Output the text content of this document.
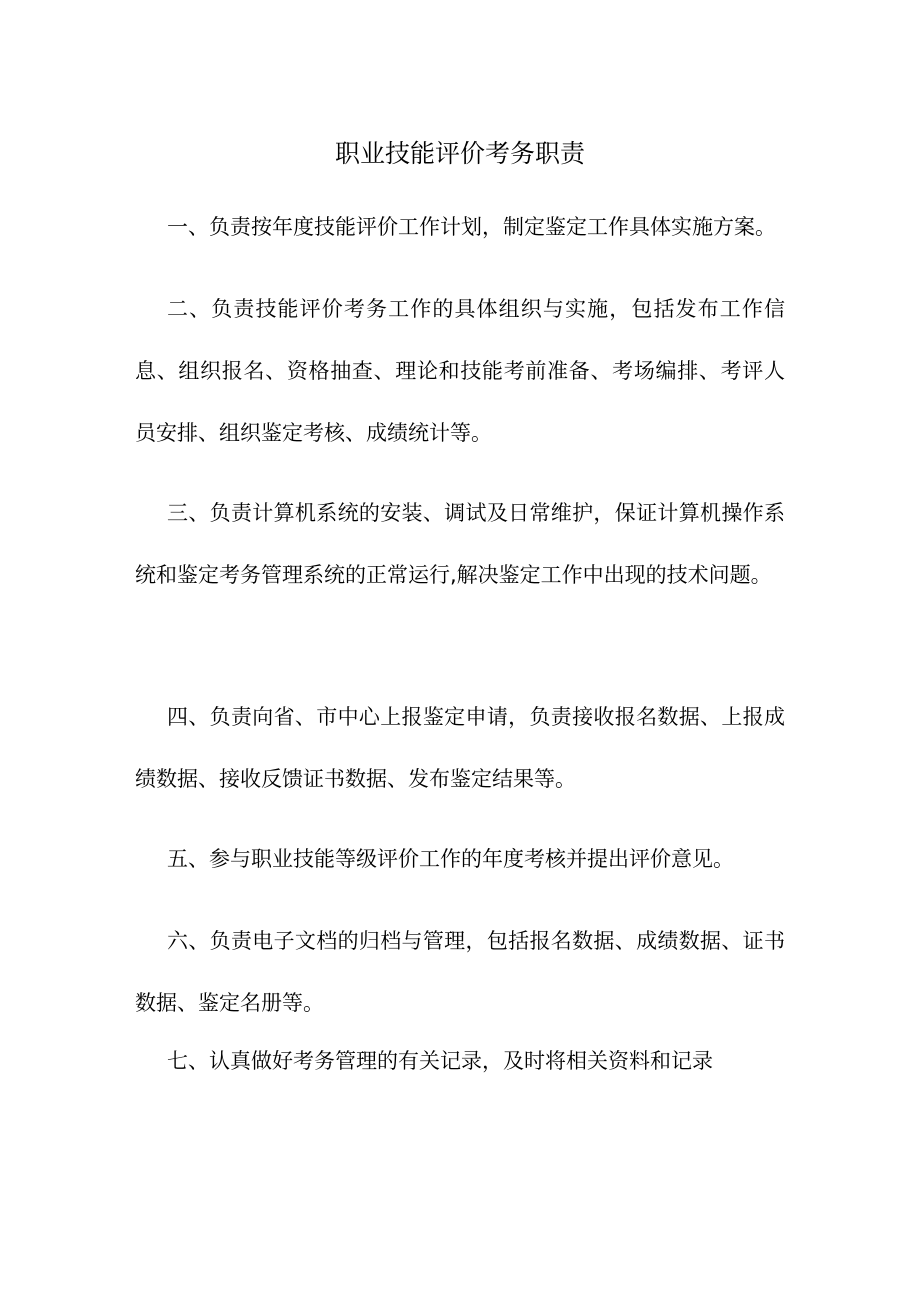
职业技能评价考务职责

一、负责按年度技能评价工作计划，制定鉴定工作具体实施方案。

二、负责技能评价考务工作的具体组织与实施，包括发布工作信息、组织报名、资格抽查、理论和技能考前准备、考场编排、考评人员安排、组织鉴定考核、成绩统计等。

三、负责计算机系统的安装、调试及日常维护，保证计算机操作系统和鉴定考务管理系统的正常运行,解决鉴定工作中出现的技术问题。

四、负责向省、市中心上报鉴定申请，负责接收报名数据、上报成绩数据、接收反馈证书数据、发布鉴定结果等。

五、参与职业技能等级评价工作的年度考核并提出评价意见。

六、负责电子文档的归档与管理，包括报名数据、成绩数据、证书数据、鉴定名册等。

七、认真做好考务管理的有关记录，及时将相关资料和记录
